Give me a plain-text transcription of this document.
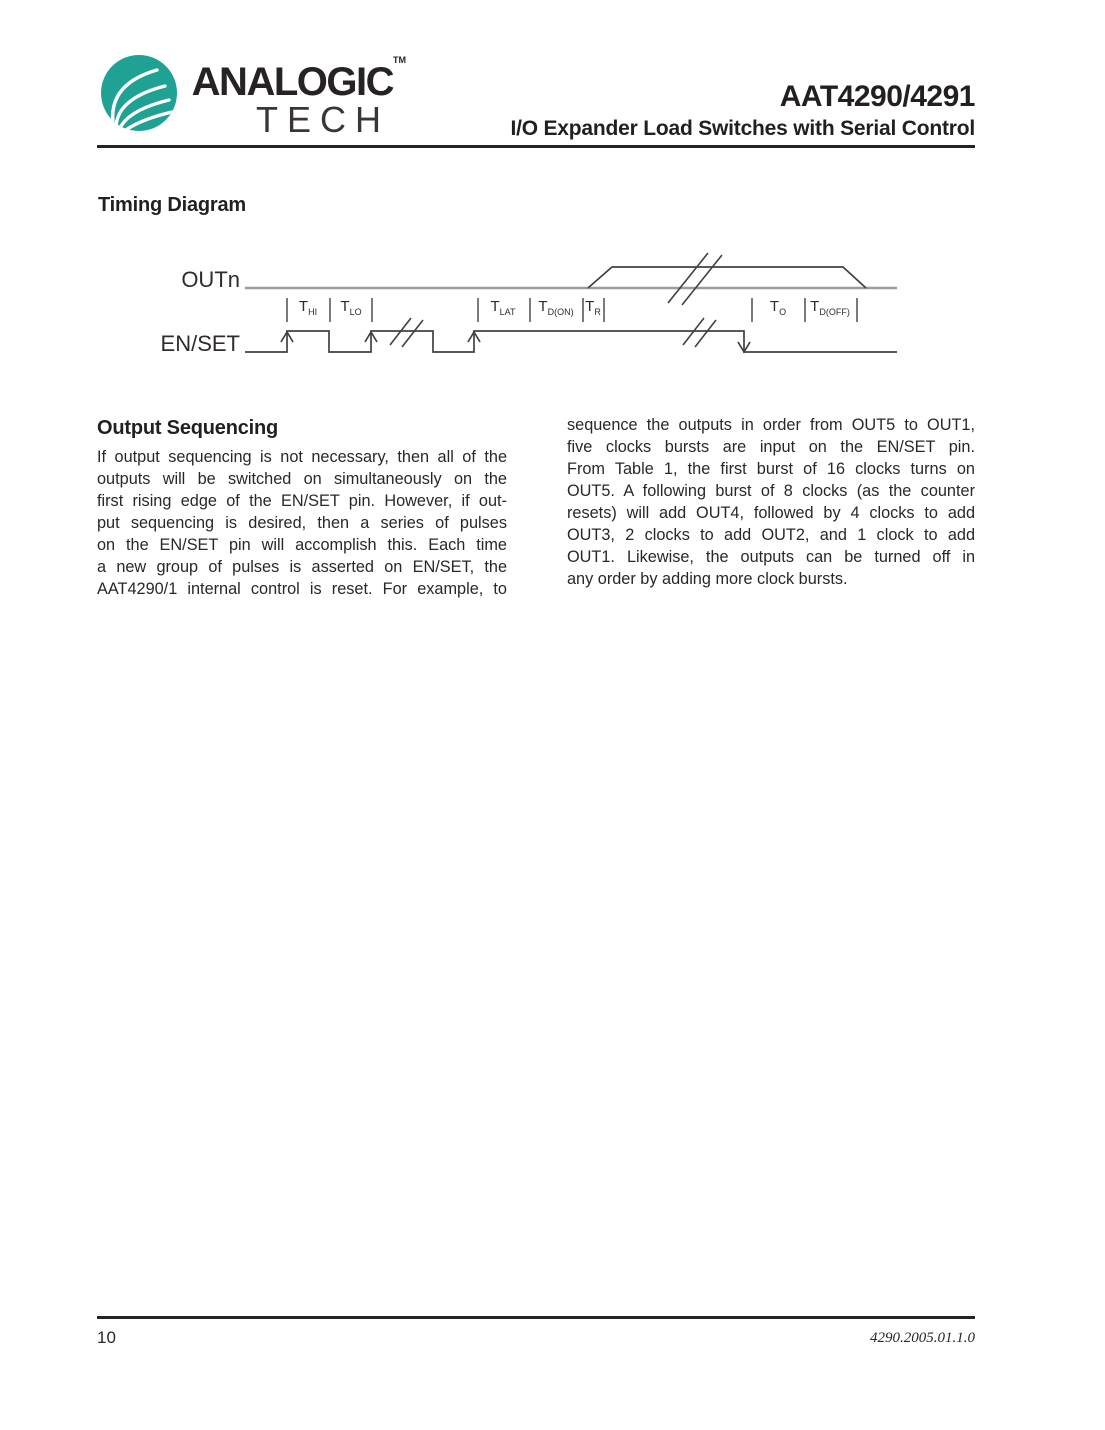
ANALOGIC TM
TECH
AAT4290/4291
I/O Expander Load Switches with Serial Control
Timing Diagram
OUTn
EN/SET
$T_{HI}$ $T_{LO}$	$T_{LAT}$ $T_{D(ON)}$ $T_R$	$T_O$ $T_{D(OFF)}$
Output Sequencing
If output sequencing is not necessary, then all of the
outputs will be switched on simultaneously on the
first rising edge of the EN/SET pin. However, if out-
put sequencing is desired, then a series of pulses
on the EN/SET pin will accomplish this. Each time
a new group of pulses is asserted on EN/SET, the
AAT4290/1 internal control is reset. For example, to
sequence the outputs in order from OUT5 to OUT1,
five clocks bursts are input on the EN/SET pin.
From Table 1, the first burst of 16 clocks turns on
OUT5. A following burst of 8 clocks (as the counter
resets) will add OUT4, followed by 4 clocks to add
OUT3, 2 clocks to add OUT2, and 1 clock to add
OUT1. Likewise, the outputs can be turned off in
any order by adding more clock bursts.
10	4290.2005.01.1.0
